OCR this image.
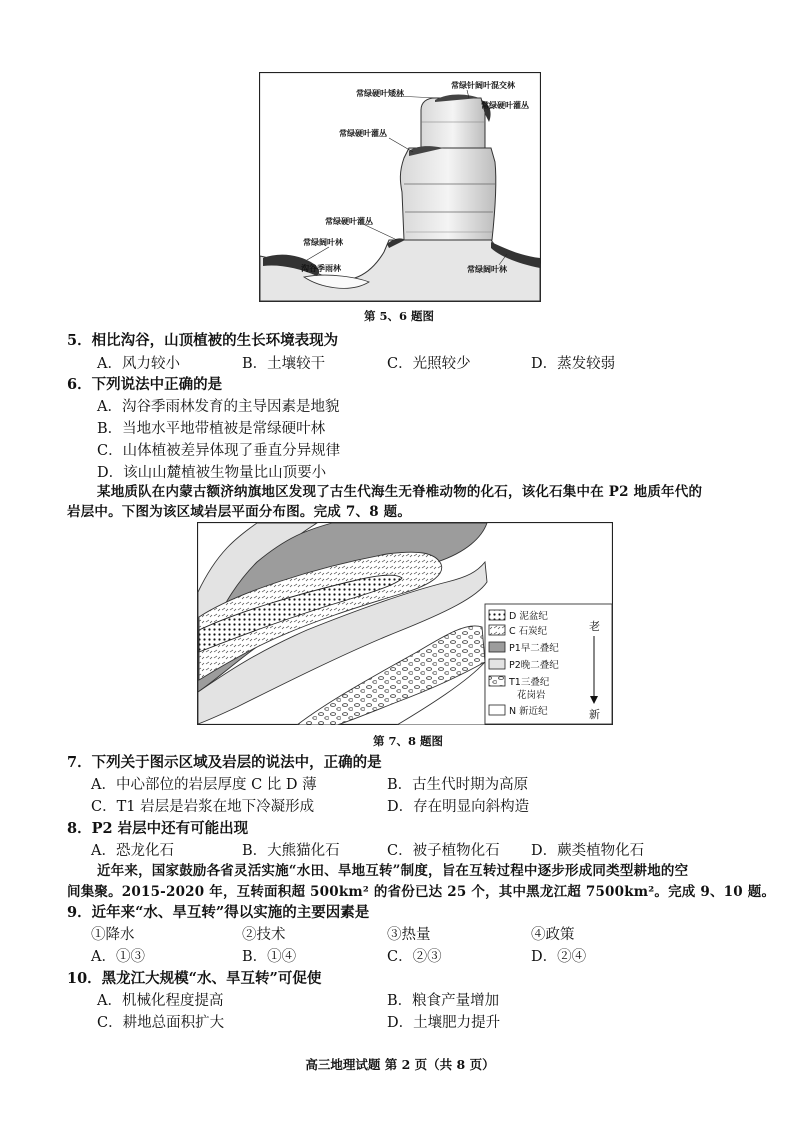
常绿硬叶矮林
常绿针阔叶混交林
常绿硬叶灌丛
常绿硬叶灌丛
常绿硬叶灌丛
常绿阔叶林
沟谷季雨林	常绿阔叶林
第 5、6 题图
5．相比沟谷，山顶植被的生长环境表现为
A．风力较小	B．土壤较干	C．光照较少	D．蒸发较弱
6．下列说法中正确的是
A．沟谷季雨林发育的主导因素是地貌
B．当地水平地带植被是常绿硬叶林
C．山体植被差异体现了垂直分异规律
D．该山山麓植被生物量比山顶要小
某地质队在内蒙古额济纳旗地区发现了古生代海生无脊椎动物的化石，该化石集中在 P2 地质年代的
岩层中。下图为该区域岩层平面分布图。完成 7、8 题。
D 泥盆纪
C 石炭纪
P1早二叠纪
P2晚二叠纪
T1三叠纪
花岗岩
N 新近纪
老
新
第 7、8 题图
7．下列关于图示区域及岩层的说法中，正确的是
A．中心部位的岩层厚度 C 比 D 薄	B．古生代时期为高原
C．T1 岩层是岩浆在地下冷凝形成	D．存在明显向斜构造
8．P2 岩层中还有可能出现
A．恐龙化石	B．大熊猫化石	C．被子植物化石 D．蕨类植物化石
近年来，国家鼓励各省灵活实施“水田、旱地互转”制度，旨在互转过程中逐步形成同类型耕地的空
间集聚。2015-2020 年，互转面积超 500km² 的省份已达 25 个，其中黑龙江超 7500km²。完成 9、10 题。
9．近年来“水、旱互转”得以实施的主要因素是
①降水	②技术	③热量	④政策
A．①③	B．①④	C．②③	D．②④
10．黑龙江大规模“水、旱互转”可促使
A．机械化程度提高	B．粮食产量增加
C．耕地总面积扩大	D．土壤肥力提升
高三地理试题 第 2 页（共 8 页）
